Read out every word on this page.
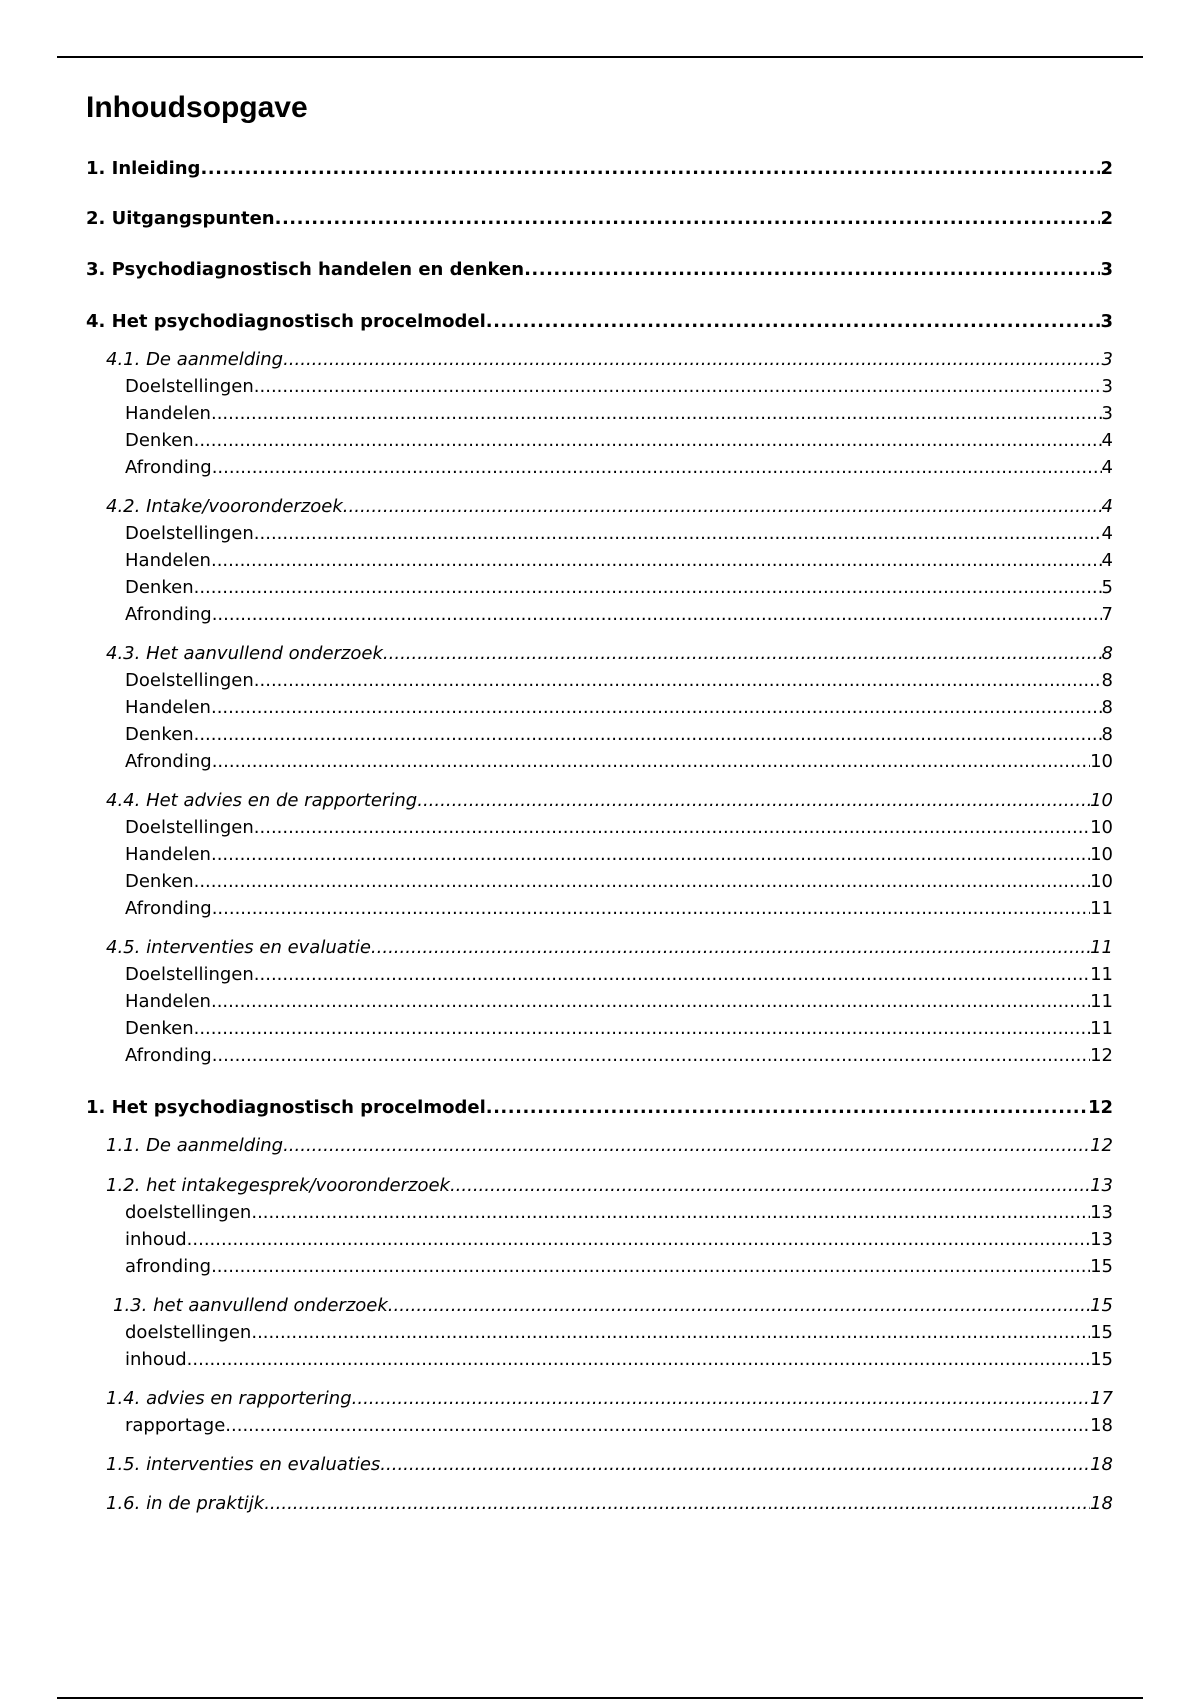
Inhoudsopgave
1. Inleiding .....	2
2. Uitgangspunten .....	2
3. Psychodiagnostisch handelen en denken .....	3
4. Het psychodiagnostisch procelmodel .....	3
4.1. De aanmelding .....	3
Doelstellingen .....	3
Handelen .....	3
Denken .....	4
Afronding .....	4
4.2. Intake/vooronderzoek .....	4
Doelstellingen .....	4
Handelen .....	4
Denken .....	5
Afronding .....	7
4.3. Het aanvullend onderzoek .....	8
Doelstellingen .....	8
Handelen .....	8
Denken .....	8
Afronding .....	10
4.4. Het advies en de rapportering .....	10
Doelstellingen .....	10
Handelen .....	10
Denken .....	10
Afronding .....	11
4.5. interventies en evaluatie .....	11
Doelstellingen .....	11
Handelen .....	11
Denken .....	11
Afronding .....	12
1. Het psychodiagnostisch procelmodel .....	12
1.1. De aanmelding .....	12
1.2. het intakegesprek/vooronderzoek .....	13
doelstellingen .....	13
inhoud .....	13
afronding .....	15
1.3. het aanvullend onderzoek .....	15
doelstellingen .....	15
inhoud .....	15
1.4. advies en rapportering .....	17
rapportage .....	18
1.5. interventies en evaluaties .....	18
1.6. in de praktijk .....	18
